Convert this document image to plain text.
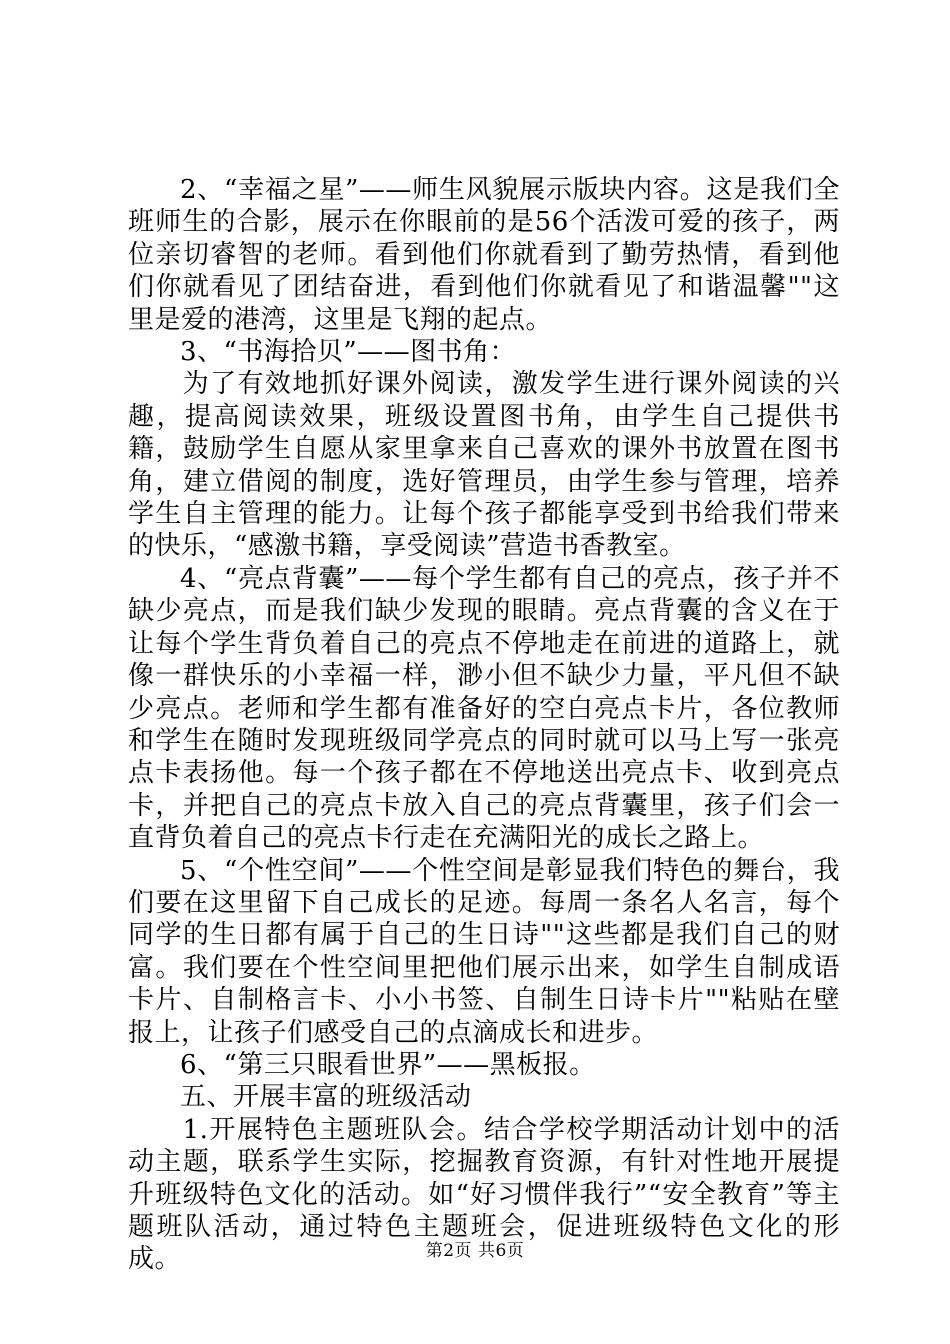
2、“幸福之星”——师生风貌展示版块内容。这是我们全班师生的合影，展示在你眼前的是56个活泼可爱的孩子，两位亲切睿智的老师。看到他们你就看到了勤劳热情，看到他们你就看见了团结奋进，看到他们你就看见了和谐温馨""这里是爱的港湾，这里是飞翔的起点。

3、“书海拾贝”——图书角：

为了有效地抓好课外阅读，激发学生进行课外阅读的兴趣，提高阅读效果，班级设置图书角，由学生自己提供书籍，鼓励学生自愿从家里拿来自己喜欢的课外书放置在图书角，建立借阅的制度，选好管理员，由学生参与管理，培养学生自主管理的能力。让每个孩子都能享受到书给我们带来的快乐，“感激书籍，享受阅读”营造书香教室。

4、“亮点背囊”——每个学生都有自己的亮点，孩子并不缺少亮点，而是我们缺少发现的眼睛。亮点背囊的含义在于让每个学生背负着自己的亮点不停地走在前进的道路上，就像一群快乐的小幸福一样，渺小但不缺少力量，平凡但不缺少亮点。老师和学生都有准备好的空白亮点卡片，各位教师和学生在随时发现班级同学亮点的同时就可以马上写一张亮点卡表扬他。每一个孩子都在不停地送出亮点卡、收到亮点卡，并把自己的亮点卡放入自己的亮点背囊里，孩子们会一直背负着自己的亮点卡行走在充满阳光的成长之路上。

5、“个性空间”——个性空间是彰显我们特色的舞台，我们要在这里留下自己成长的足迹。每周一条名人名言，每个同学的生日都有属于自己的生日诗""这些都是我们自己的财富。我们要在个性空间里把他们展示出来，如学生自制成语卡片、自制格言卡、小小书签、自制生日诗卡片""粘贴在壁报上，让孩子们感受自己的点滴成长和进步。

6、“第三只眼看世界”——黑板报。

五、开展丰富的班级活动

1.开展特色主题班队会。结合学校学期活动计划中的活动主题，联系学生实际，挖掘教育资源，有针对性地开展提升班级特色文化的活动。如“好习惯伴我行”“安全教育”等主题班队活动，通过特色主题班会，促进班级特色文化的形成。	第2页 共6页
